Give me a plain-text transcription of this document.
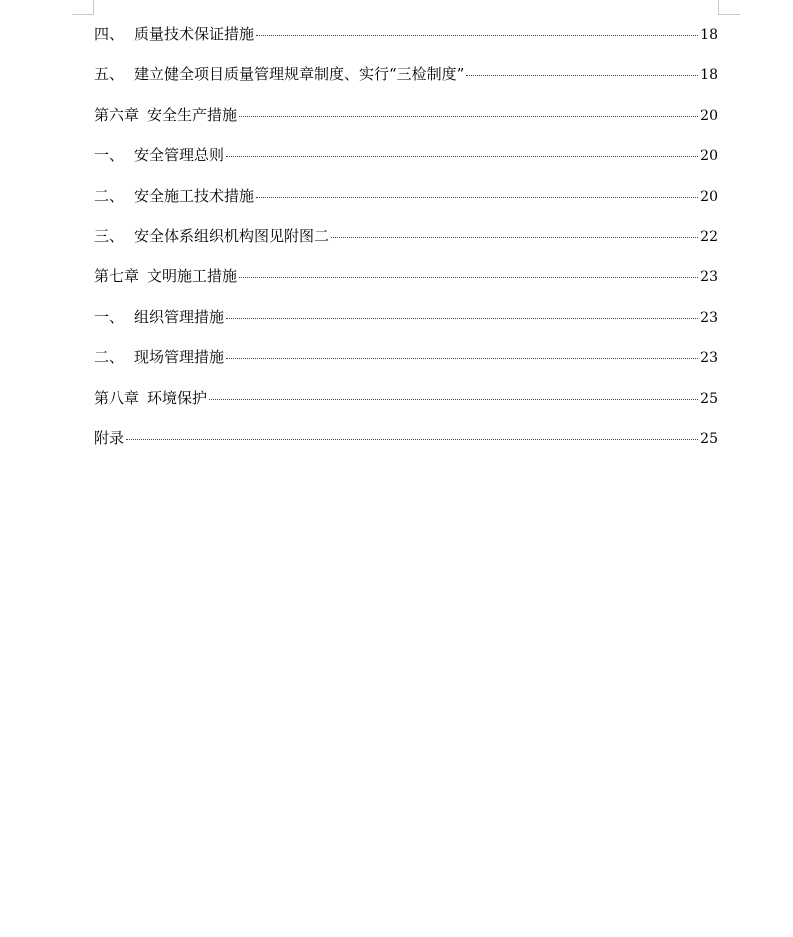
四、 质量技术保证措施	18
五、 建立健全项目质量管理规章制度、实行“三检制度”	18
第六章 安全生产措施	20
一、 安全管理总则	20
二、 安全施工技术措施	20
三、 安全体系组织机构图见附图二	22
第七章 文明施工措施	23
一、 组织管理措施	23
二、 现场管理措施	23
第八章 环境保护	25
附录	25
